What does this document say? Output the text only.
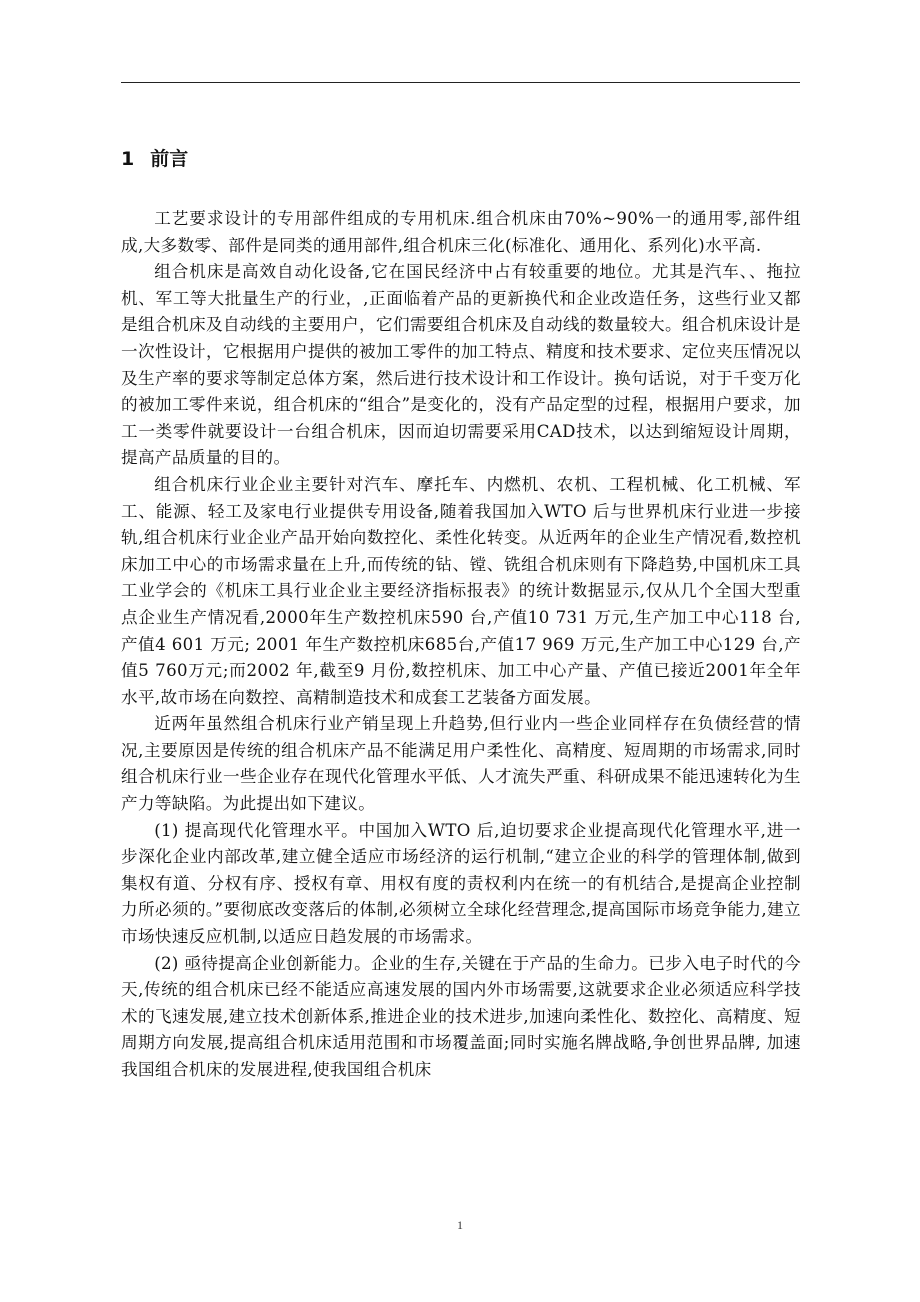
1 前言

工艺要求设计的专用部件组成的专用机床.组合机床由70%~90%一的通用零,部件组成,大多数零、部件是同类的通用部件,组合机床三化(标准化、通用化、系列化)水平高.

组合机床是高效自动化设备,它在国民经济中占有较重要的地位。尤其是汽车、、拖拉机、军工等大批量生产的行业，,正面临着产品的更新换代和企业改造任务，这些行业又都是组合机床及自动线的主要用户，它们需要组合机床及自动线的数量较大。组合机床设计是一次性设计，它根据用户提供的被加工零件的加工特点、精度和技术要求、定位夹压情况以及生产率的要求等制定总体方案，然后进行技术设计和工作设计。换句话说，对于千变万化的被加工零件来说，组合机床的“组合”是变化的，没有产品定型的过程，根据用户要求，加工一类零件就要设计一台组合机床，因而迫切需要采用CAD技术，以达到缩短设计周期，提高产品质量的目的。

组合机床行业企业主要针对汽车、摩托车、内燃机、农机、工程机械、化工机械、军工、能源、轻工及家电行业提供专用设备,随着我国加入WTO 后与世界机床行业进一步接轨,组合机床行业企业产品开始向数控化、柔性化转变。从近两年的企业生产情况看,数控机床加工中心的市场需求量在上升,而传统的钻、镗、铣组合机床则有下降趋势,中国机床工具工业学会的《机床工具行业企业主要经济指标报表》的统计数据显示,仅从几个全国大型重点企业生产情况看,2000年生产数控机床590 台,产值10 731 万元,生产加工中心118 台,产值4 601 万元; 2001 年生产数控机床685台,产值17 969 万元,生产加工中心129 台,产值5 760万元;而2002 年,截至9 月份,数控机床、加工中心产量、产值已接近2001年全年水平,故市场在向数控、高精制造技术和成套工艺装备方面发展。

近两年虽然组合机床行业产销呈现上升趋势,但行业内一些企业同样存在负债经营的情况,主要原因是传统的组合机床产品不能满足用户柔性化、高精度、短周期的市场需求,同时组合机床行业一些企业存在现代化管理水平低、人才流失严重、科研成果不能迅速转化为生产力等缺陷。为此提出如下建议。

(1) 提高现代化管理水平。中国加入WTO 后,迫切要求企业提高现代化管理水平,进一步深化企业内部改革,建立健全适应市场经济的运行机制,“建立企业的科学的管理体制,做到集权有道、分权有序、授权有章、用权有度的责权利内在统一的有机结合,是提高企业控制力所必须的。”要彻底改变落后的体制,必须树立全球化经营理念,提高国际市场竞争能力,建立市场快速反应机制,以适应日趋发展的市场需求。

(2) 亟待提高企业创新能力。企业的生存,关键在于产品的生命力。已步入电子时代的今天,传统的组合机床已经不能适应高速发展的国内外市场需要,这就要求企业必须适应科学技术的飞速发展,建立技术创新体系,推进企业的技术进步,加速向柔性化、数控化、高精度、短周期方向发展,提高组合机床适用范围和市场覆盖面;同时实施名牌战略,争创世界品牌, 加速我国组合机床的发展进程,使我国组合机床

1
